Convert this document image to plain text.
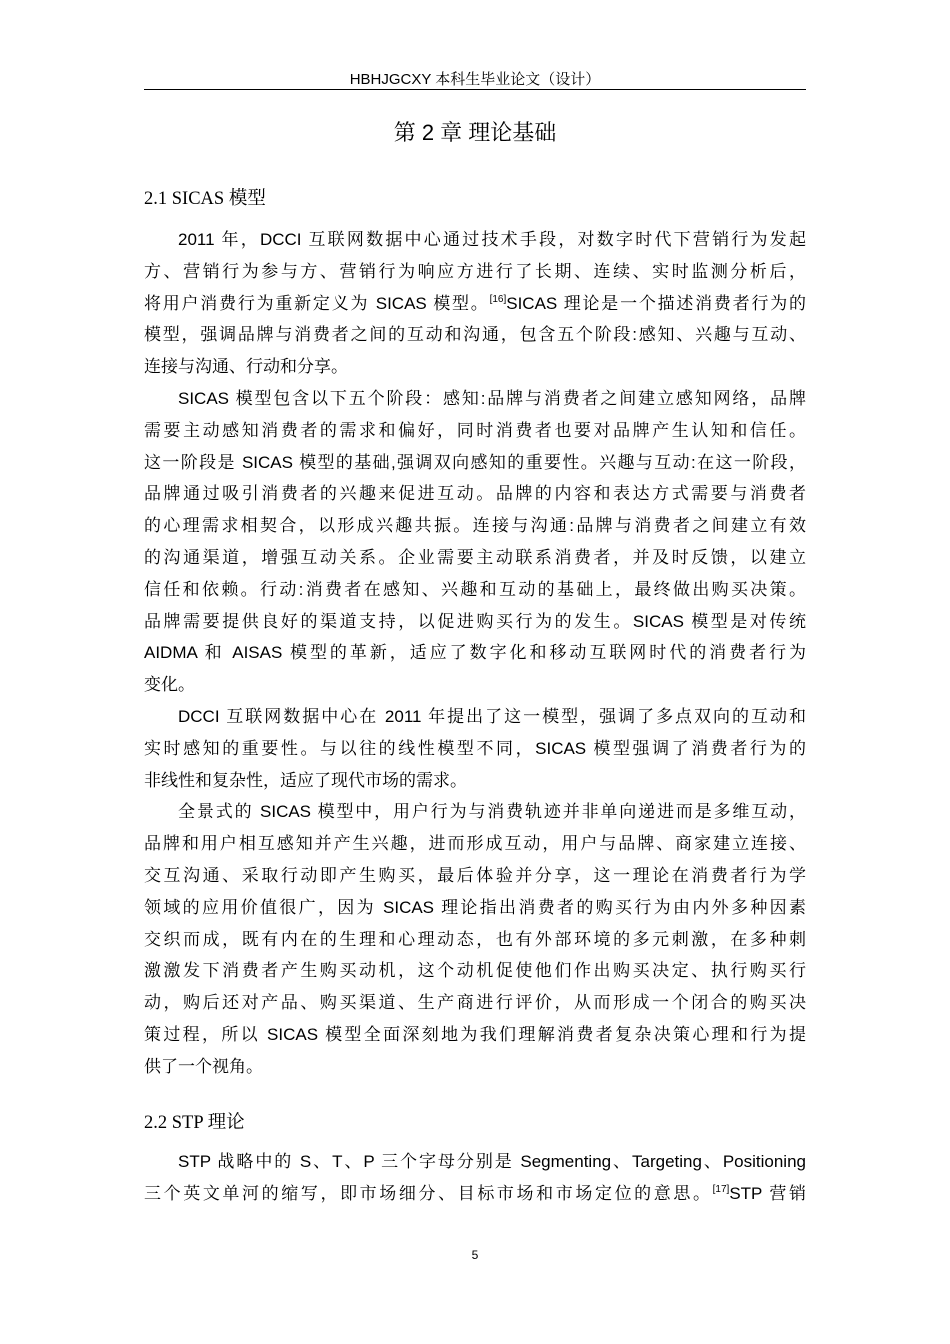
HBHJGCXY 本科生毕业论文（设计）
第 2 章 理论基础
2.1 SICAS 模型
2011 年，DCCI 互联网数据中心通过技术手段，对数字时代下营销行为发起
方、营销行为参与方、营销行为响应方进行了长期、连续、实时监测分析后，
将用户消费行为重新定义为 SICAS 模型。[16]SICAS 理论是一个描述消费者行为的
模型，强调品牌与消费者之间的互动和沟通，包含五个阶段:感知、兴趣与互动、
连接与沟通、行动和分享。
SICAS 模型包含以下五个阶段：感知:品牌与消费者之间建立感知网络，品牌
需要主动感知消费者的需求和偏好，同时消费者也要对品牌产生认知和信任。
这一阶段是 SICAS 模型的基础,强调双向感知的重要性。兴趣与互动:在这一阶段，
品牌通过吸引消费者的兴趣来促进互动。品牌的内容和表达方式需要与消费者
的心理需求相契合，以形成兴趣共振。连接与沟通:品牌与消费者之间建立有效
的沟通渠道，增强互动关系。企业需要主动联系消费者，并及时反馈，以建立
信任和依赖。行动:消费者在感知、兴趣和互动的基础上，最终做出购买决策。
品牌需要提供良好的渠道支持，以促进购买行为的发生。SICAS 模型是对传统
AIDMA 和 AISAS 模型的革新，适应了数字化和移动互联网时代的消费者行为
变化。
DCCI 互联网数据中心在 2011 年提出了这一模型，强调了多点双向的互动和
实时感知的重要性。与以往的线性模型不同，SICAS 模型强调了消费者行为的
非线性和复杂性，适应了现代市场的需求。
全景式的 SICAS 模型中，用户行为与消费轨迹并非单向递进而是多维互动，
品牌和用户相互感知并产生兴趣，进而形成互动，用户与品牌、商家建立连接、
交互沟通、采取行动即产生购买，最后体验并分享，这一理论在消费者行为学
领域的应用价值很广，因为 SICAS 理论指出消费者的购买行为由内外多种因素
交织而成，既有内在的生理和心理动态，也有外部环境的多元刺激，在多种刺
激激发下消费者产生购买动机，这个动机促使他们作出购买决定、执行购买行
动，购后还对产品、购买渠道、生产商进行评价，从而形成一个闭合的购买决
策过程，所以 SICAS 模型全面深刻地为我们理解消费者复杂决策心理和行为提
供了一个视角。
2.2 STP 理论
STP 战略中的 S、T、P 三个字母分别是 Segmenting、Targeting、Positioning
三个英文单河的缩写，即市场细分、目标市场和市场定位的意思。[17]STP 营销
5
